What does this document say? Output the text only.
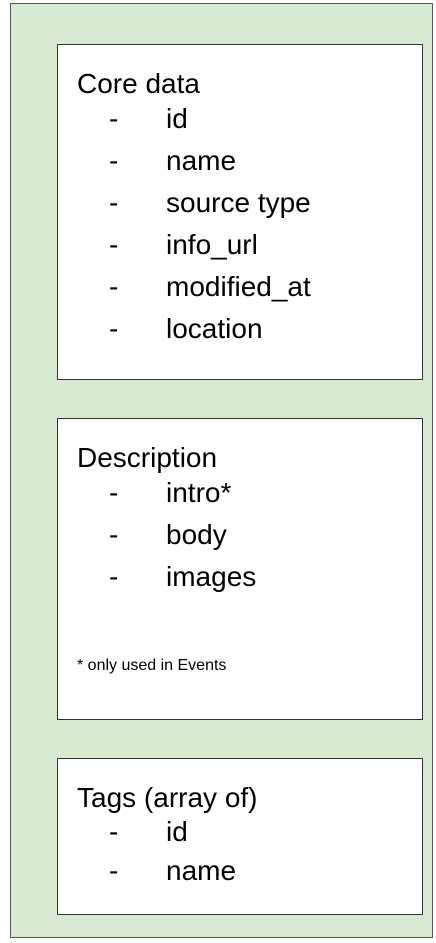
Core data
- id
- name
- source type
- info_url
- modified_at
- location
Description
- intro*
- body
- images
* only used in Events
Tags (array of)
- id
- name
